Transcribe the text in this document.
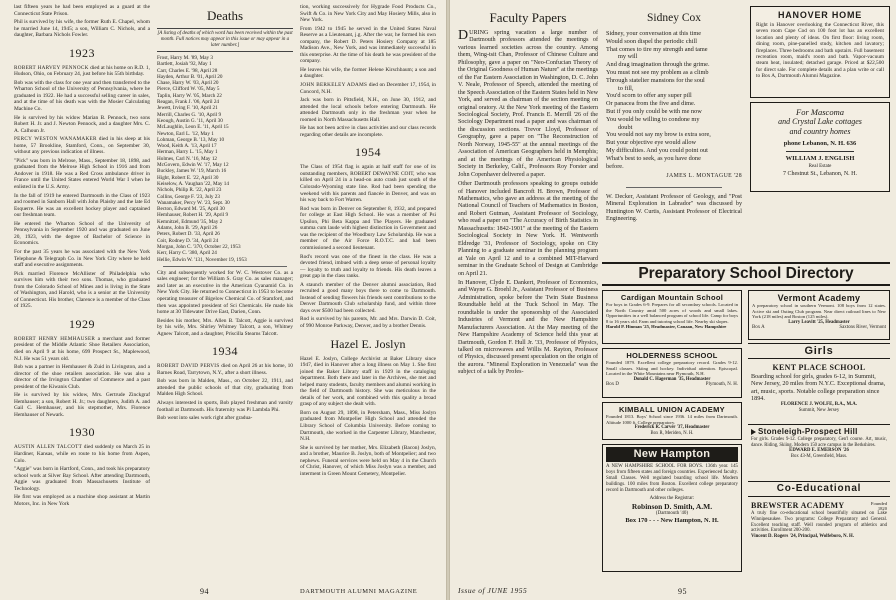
last fifteen years he had been employed as a guard at the Connecticut State Prison.

Phil is survived by his wife, the former Ruth E. Chapel, whom he married June 14, 1945; a son, William C. Nichols, and a daughter, Barbara Nichols Fowler.

1923

ROBERT HARVEY PENNOCK died at his home on R.D. 1, Hudson, Ohio, on February 24, just before his 55th birthday.

Bob was with the class for one year and then transferred to the Wharton School of the University of Pennsylvania, where he graduated in 1922. He had a successful selling career in sales, and at the time of his death was with the Mosier Calculating Machine Co.

He is survived by his widow Marian B. Pennock, two sons Robert H. Jr. and J. Newton Pennock, and a daughter Mrs. C. A. Calhoun Jr.

PERCY WESTON WANAMAKER died in his sleep at his home, 57 Brookline, Stamford, Conn., on September 30, without any previous indication of illness.

"Pick" was born in Melrose, Mass., September 18, 1898, and graduated from the Melrose High School in 1916 and from Andover in 1918. He was a Red Cross ambulance driver in France until the United States entered World War I when he enlisted in the U.S. Army.

In the fall of 1919 he entered Dartmouth in the Class of 1923 and roomed in Sanborn Hall with John Plaisby and the late Ed Esquerre. He was an excellent hockey player and captained our freshman team.

He entered the Wharton School of the University of Pennsylvania in September 1920 and was graduated on June 20, 1923, with the degree of Bachelor of Science in Economics.

For the past 35 years he was associated with the New York Telephone & Telegraph Co. in New York City where he held staff and executive assignments.

Pick married Florence McAllister of Philadelphia who survives him with their two sons. Thomas, who graduated from the Colorado School of Mines and is living in the State of Washington, and Harold, who is a senior at the University of Connecticut. His brother, Clarence is a member of the Class of 1925.

1929

ROBERT HENRY HEMHAUSER a merchant and former president of the Middle Atlantic Shoe Retailers Association, died on April 9 at his home, 699 Prospect St., Maplewood, N.J. He was 51 years old.

Bob was a partner in Hemhauser & Zuid in Livingston, and a director of the shoe retailers association. He was also a director of the Irvington Chamber of Commerce and a past president of the Kiwanis Club.

He is survived by his widow, Mrs. Gertrude Zinckgraf Hemhauser; a son, Robert H. Jr.; two daughters, Judith A. and Gail C. Hemhauser, and his stepmother, Mrs. Florence Hemhauser of Newark.

1930

AUSTIN ALLEN TALCOTT died suddenly on March 25 in Hardiner, Kansas, while en route to his home from Aspen, Colo.

"Aggie" was born in Hartford, Conn., and took his preparatory school work at Silver Bay School. After attending Dartmouth, Aggie was graduated from Massachusetts Institute of Technology.

He first was employed as a machine shop assistant at Martin Motors, Inc. in New York

Deaths
[A listing of deaths of which word has been received within the past month. Full notices may appear in this issue or may appear in a later number.]
Frost, Harry M. '89, May 3
Bartlett, Josiah '92, May 1
Carr, Charles E. '98, April 28
Hayden, Arthur B. '01, April 20
Chase, Harry W. '03, April 20
Pierce, Clifford W. '05, May 5
Taplin, Harry W. '05, March 22
Reagan, Frank J. '06, April 24
Jewett, Irving F. '10, April 21
Merrill, Charles G. '10, April 9
Keough, Austin G. '11, April 30
McLaughlin, Leon E. '11, April 15
Newton, Earl L. '12, May 1
Lohman, George B. '13, May 10
Wood, Keith A. '13, April 17
Herman, Harry L. '15, May 1
Holmes, Carl N. '16, May 12
McGovern, Edwin W. '17, May 12
Buckley, James W. '19, March 16
Hight, Robert E. '22, April 30
Keiselow, A. Vaughan '22, May 14
Nichols, Philip R. '22, April 23
Collins, George F. '23, July 23
Wanamaker, Percy W. '23, Sept. 30
Becton, Edward M. '25, April 30
Hemhauser, Robert H. '29, April 9
Kemnitzel, Edmund '35, May 2
Adams, John B. '29, April 26
Peters, Robert D. '33, April 26
Coit, Rodney D. '34, April 24
Morgan, John C. '370, October 22, 1953
Kerr, Harry C. '380, April 24
Hellie, Edwin W. '131, November 19, 1953

City and subsequently worked for W. C. Westover Co. as a sales engineer; for the William S. Gray Co. as sales manager; and later as an executive in the American Cyanamid Co. in New York City. He returned to Connecticut in 1953 to become operating treasurer of Bigelow Chemical Co. of Stamford, and then was appointed president of Sci Chemicals. He made his home at 30 Tidewater Drive East, Darien, Conn.

Besides his mother, Mrs. Allen B. Talcott, Aggie is survived by his wife, Mrs. Shirley Whitney Talcott, a son, Whitney Agnew Talcott, and a daughter, Priscilla Stearns Talcott.

1934

ROBERT DAVID PERVIS died on April 26 at his home, 10 Barnes Road, Tarrytown, N.Y., after a short illness.

Bob was born in Malden, Mass., on October 22, 1911, and attended the public schools of that city, graduating from Malden High School.

Always interested in sports, Bob played freshman and varsity football at Dartmouth. His fraternity was Pi Lambda Phi.

Bob went into sales work right after gradua-

tion, working successively for Hygrade Food Products Co., Swift & Co. in New York City and May Hosiery Mills, also in New York.

From 1942 to 1945 he served in the United States Naval Reserve as a Lieutenant, j.g. After the war, he formed his own company, the Robert D. Peters Hosiery Company at 185 Madison Ave., New York, and was immediately successful in this enterprise. At the time of his death he was president of the company.

He leaves his wife, the former Helene Kirschbaum; a son and a daughter.

JOHN BERKELEY ADAMS died on December 17, 1954, in Concord, N.H.

Jack was born in Pittsfield, N.H., on June 30, 1912, and attended the local schools before entering Dartmouth. He attended Dartmouth only in the freshman year when he roomed in North Massachusetts Hall.

He has not been active in class activities and our class records regarding other details are incomplete.

1954

The Class of 1954 flag is again at half staff for one of its outstanding members, ROBERT DEWAYNE COIT, who was killed on April 24 in a head-on auto crash just south of the Colorado-Wyoming state line. Rod had been spending the weekend with his parents and fiancée in Denver, and was on his way back to Fort Warren.

Rod was born in Denver on September 8, 1932, and prepared for college at East High School. He was a member of Psi Upsilon, Phi Beta Kappa and The Players. He graduated summa cum laude with highest distinction in Government and was the recipient of the Woodbury Law Scholarship. He was a member of the Air Force R.O.T.C. and had been commissioned a second lieutenant.

Rod's record was one of the finest in the class. He was a devoted friend, imbued with a deep sense of personal loyalty — loyalty to truth and loyalty to friends. His death leaves a great gap in the class ranks.

A staunch member of the Denver alumni association, Rod recruited a good many boys there to come to Dartmouth. Instead of sending flowers his friends sent contributions to the Denver Dartmouth Club scholarship fund, and within three days over $500 had been collected.

Rod is survived by his parents, Mr. and Mrs. Darwin D. Coit, of 990 Monroe Parkway, Denver, and by a brother Dennis.

Hazel E. Joslyn

Hazel E. Joslyn, College Archivist at Baker Library since 1947, died in Hanover after a long illness on May 1. She first joined the Baker Library staff in 1929 in the cataloging department. Both there and later in the Archives, she met and helped many students, faculty members and alumni working in the field of Dartmouth history. She was meticulous in the details of her work, and combined with this quality a broad grasp of any subject she dealt with.

Born on August 29, 1898, in Petersham, Mass., Miss Joslyn graduated from Montpelier High School and attended the Library School of Columbia University. Before coming to Dartmouth, she worked in the Carpenter Library, Manchester, N.H.

She is survived by her mother, Mrs. Elizabeth (Bacon) Joslyn, and a brother, Maurice B. Joslyn, both of Montpelier; and two nephews. Funeral services were held on May 4 in the Church of Christ, Hanover, of which Miss Joslyn was a member, and interment in Green Mount Cemetery, Montpelier.

94	DARTMOUTH ALUMNI MAGAZINE
Faculty Papers

DURING spring vacation a large number of Dartmouth professors attended the meetings of various learned societies across the country. Among them, Wing-tsit Chan, Professor of Chinese Culture and Philosophy, gave a paper on "Neo-Confucian Theory of the Original Goodness of Human Nature" at the meetings of the Far Eastern Association in Washington, D. C. John V. Neale, Professor of Speech, attended the meeting of the Speech Association of the Eastern States held in New York, and served as chairman of the section meeting on original oratory. At the New York meeting of the Eastern Sociological Society, Prof. Francis E. Merrill '26 of the Sociology Department read a paper and was chairman of the discussion sections. Trevor Lloyd, Professor of Geography, gave a paper on "The Reconstruction of North Norway, 1945-55" at the annual meetings of the Association of American Geographers held in Memphis; and at the meetings of the American Physiological Society in Berkeley, Calif., Professors Roy Forster and John Copenhaver delivered a paper.

Other Dartmouth professors speaking to groups outside of Hanover included Bancroft H. Brown, Professor of Mathematics, who gave an address at the meeting of the National Council of Teachers of Mathematics in Boston, and Robert Gutman, Assistant Professor of Sociology, who read a paper on "The Accuracy of Birth Statistics in Massachusetts: 1842-1901" at the meeting of the Eastern Sociological Society in New York. H. Wentworth Eldredge '31, Professor of Sociology, spoke on City Planning to a graduate seminar in the planning program at Yale on April 12 and to a combined MIT-Harvard seminar in the Graduate School of Design at Cambridge on April 21.

In Hanover, Clyde E. Dankert, Professor of Economics, and Wayne G. Broehl Jr., Assistant Professor of Business Administration, spoke before the Twin State Business Roundtable held at the Tuck School in May. The roundtable is under the sponsorship of the Associated Industries of Vermont and the New Hampshire Manufacturers Association. At the May meeting of the New Hampshire Academy of Science held this year at Dartmouth, Gordon F. Hull Jr. '33, Professor of Physics, talked on microwaves and Willis M. Rayton, Professor of Physics, discussed present speculation on the origin of the aurora. "Mineral Exploration in Venezuela" was the subject of a talk by Profes-

Sidney Cox
Sidney, your conversation at this time
Would soon dispel the periodic chill
That comes to tire my strength and tame
my will
And drag imagination through the grime.
You must not see my problem as a climb
Through statelier mansions for the soul
to fill,
You'd scorn to offer any super pill
Or panacea from the five and dime.
But if you only could be with me now
You would be willing to condone my
doubt
You would not say my brow is extra sore,
But your objective eye would allow
My difficulties. And you could point out
What's best to seek, as you have done
before.
JAMES L. MONTAGUE '28

W. Decker, Assistant Professor of Geology, and "Post Mineral Exploration in Labrador" was discussed by Huntington W. Curtis, Assistant Professor of Electrical Engineering.

Issue of JUNE 1955	95
HANOVER HOME
Right in Hanover overlooking the Connecticut River, this seven room Cape Cod on 100 foot lot has an excellent location and plenty of ideas. On first floor: living room, dining room, pine-panelled study, kitchen and lavatory; fireplaces. Three bedrooms and bath upstairs. Full basement recreation room, maid's room and bath. Vapor-vacuum steam heat, insulated; detached garage. Priced at $22,500 for direct sale. For complete details and a plan write or call to Box A, Dartmouth Alumni Magazine.
For Mascoma
and Crystal Lake cottages
and country homes
phone Lebanon, N. H. 636
WILLIAM J. ENGLISH
Real Estate
7 Chestnut St., Lebanon, N. H.
Preparatory School Directory
Cardigan Mountain School
For boys in Grades 6-9. Prepares for all secondary schools. Located in the North Country amid 500 acres of woods and small lakes. Opportunities in a well balanced program of school life. Camp for boys 8 to 16 years old. Farm and tutoring school life. Nearby ski slopes.
Harold P. Hinman '25, Headmaster, Canaan, New Hampshire
HOLDERNESS SCHOOL
Founded 1879. Excellent college preparatory record. Grades 9-12. Small classes. Skiing and hockey. Individual attention. Episcopal. Located in the White Mountains near Plymouth, N.H.
Donald C. Hagerman '35, Headmaster
Box D	Plymouth, N. H.
KIMBALL UNION ACADEMY
Founded 1813. Boys' School since 1936. 14 miles from Dartmouth. Altitude 1000 ft. College preparatory.
Frederick R. Carver '37, Headmaster
Box R, Meriden, N. H.
New Hampton
A NEW HAMPSHIRE SCHOOL FOR BOYS. 136th year. 145 boys from fifteen states and foreign countries. Experienced faculty. Small Classes. Well regulated boarding school life. Modern buildings. 100 miles from Boston. Excellent college preparatory record in Dartmouth and other colleges.
Address the Registrar:
Robinson D. Smith, A.M.
(Dartmouth '40)
Box 170 - - - New Hampton, N. H.
Vermont Academy
A preparatory school in southern Vermont. 108 boys from 12 states. Active ski and Outing Club program. Near direct railroad lines to New York (218 miles) and Boston (125 miles).
Larry Leavitt '25, Headmaster
Box A	Saxtons River, Vermont
Girls
KENT PLACE SCHOOL
Boarding school for girls, grades 6-12, in Summit, New Jersey, 20 miles from N.Y.C. Exceptional drama, art, music, sports. Notable college preparation since 1894.
FLORENCE J. WOLFE, B.A., M.A.
Summit, New Jersey
Stoneleigh-Prospect Hill
For girls. Grades 9-12. College preparatory, Gen'l course. Art, music, dance. Riding, Skiing. Modern 150 acre campus in the Berkshires.
EDWARD E. EMERSON '26
Box 43-M, Greenfield, Mass.
Co-Educational
BREWSTER ACADEMY	Founded 1820
A truly fine co-educational school beautifully situated on Lake Winnipesaukee. Two programs: College Preparatory and General. Excellent teaching staff. Well rounded program of athletics and activities. Enrollment 200-200.
Vincent D. Rogers '24, Principal, Wolfeboro, N. H.
